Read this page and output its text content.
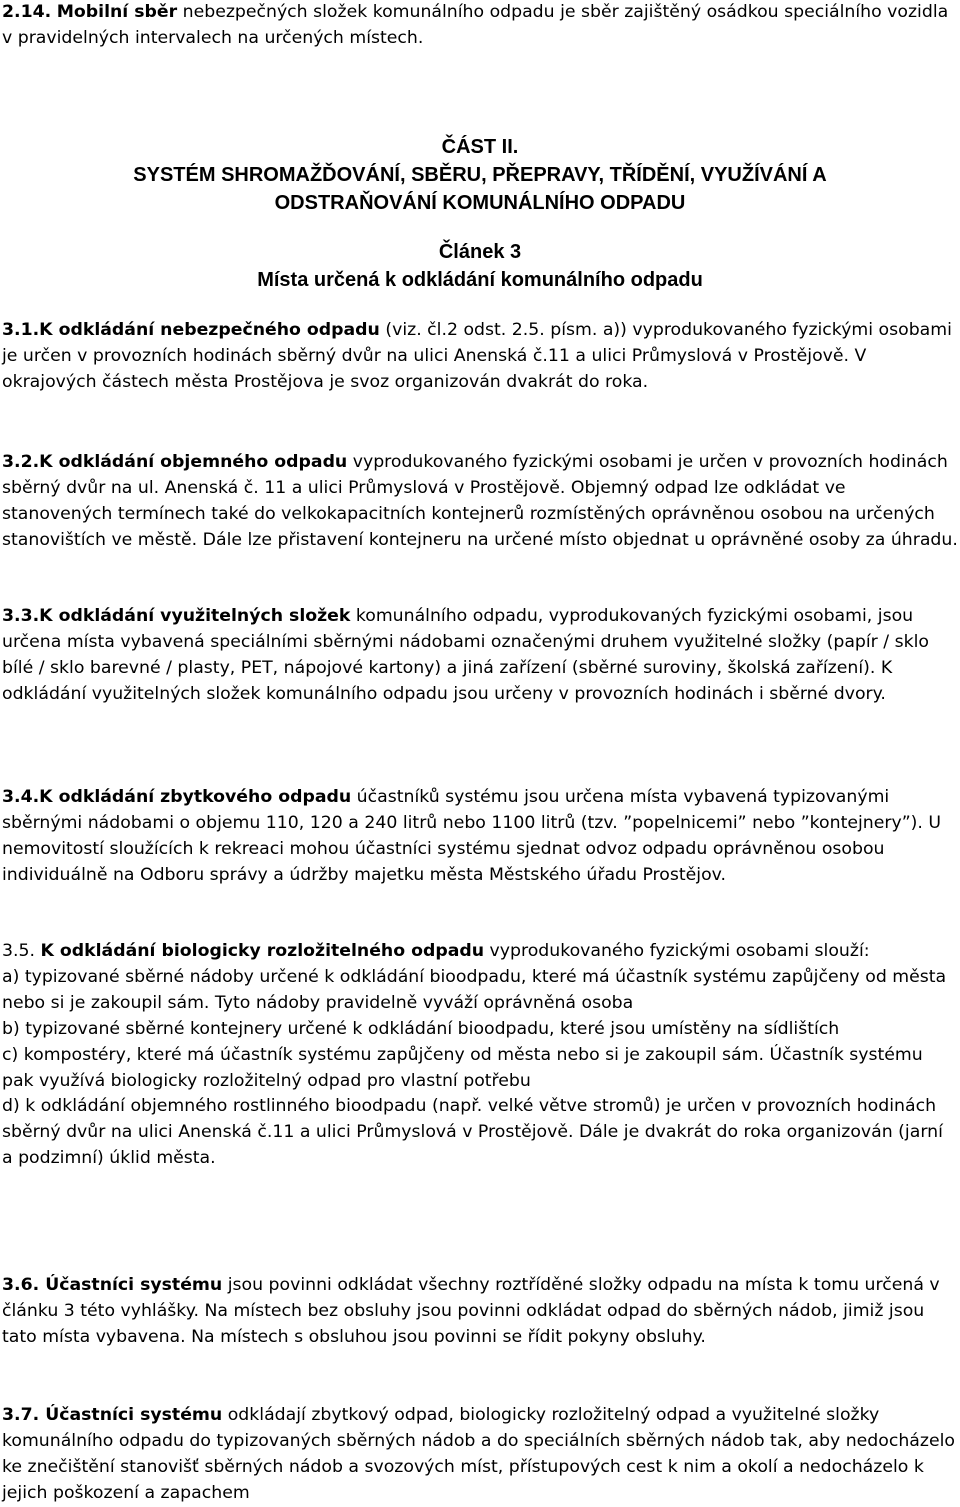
2.14. Mobilní sběr nebezpečných složek komunálního odpadu je sběr zajištěný osádkou speciálního vozidla v pravidelných intervalech na určených místech.
ČÁST II.
SYSTÉM SHROMAŽĎOVÁNÍ, SBĚRU, PŘEPRAVY, TŘÍDĚNÍ, VYUŽÍVÁNÍ A
ODSTRAŇOVÁNÍ KOMUNÁLNÍHO ODPADU
Článek 3
Místa určená k odkládání komunálního odpadu
3.1.K odkládání nebezpečného odpadu (viz. čl.2 odst. 2.5. písm. a)) vyprodukovaného fyzickými osobami je určen v provozních hodinách sběrný dvůr na ulici Anenská č.11 a ulici Průmyslová v Prostějově. V okrajových částech města Prostějova je svoz organizován dvakrát do roka.
3.2.K odkládání objemného odpadu vyprodukovaného fyzickými osobami je určen v provozních hodinách sběrný dvůr na ul. Anenská č. 11 a ulici Průmyslová v Prostějově. Objemný odpad lze odkládat ve stanovených termínech také do velkokapacitních kontejnerů rozmístěných oprávněnou osobou na určených stanovištích ve městě. Dále lze přistavení kontejneru na určené místo objednat u oprávněné osoby za úhradu.
3.3.K odkládání využitelných složek komunálního odpadu, vyprodukovaných fyzickými osobami, jsou určena místa vybavená speciálními sběrnými nádobami označenými druhem využitelné složky (papír / sklo bílé / sklo barevné / plasty, PET, nápojové kartony) a jiná zařízení (sběrné suroviny, školská zařízení). K odkládání využitelných složek komunálního odpadu jsou určeny v provozních hodinách i sběrné dvory.
3.4.K odkládání zbytkového odpadu účastníků systému jsou určena místa vybavená typizovanými sběrnými nádobami o objemu 110, 120 a 240 litrů nebo 1100 litrů (tzv. ”popelnicemi” nebo ”kontejnery”). U nemovitostí sloužících k rekreaci mohou účastníci systému sjednat odvoz odpadu oprávněnou osobou individuálně na Odboru správy a údržby majetku města Městského úřadu Prostějov.
3.5. K odkládání biologicky rozložitelného odpadu vyprodukovaného fyzickými osobami slouží:

a) typizované sběrné nádoby určené k odkládání bioodpadu, které má účastník systému zapůjčeny od města nebo si je zakoupil sám. Tyto nádoby pravidelně vyváží oprávněná osoba

b) typizované sběrné kontejnery určené k odkládání bioodpadu, které jsou umístěny na sídlištích

c) kompostéry, které má účastník systému zapůjčeny od města nebo si je zakoupil sám. Účastník systému pak využívá biologicky rozložitelný odpad pro vlastní potřebu

d) k odkládání objemného rostlinného bioodpadu (např. velké větve stromů) je určen v provozních hodinách sběrný dvůr na ulici Anenská č.11 a ulici Průmyslová v Prostějově. Dále je dvakrát do roka organizován (jarní a podzimní) úklid města.

3.6. Účastníci systému jsou povinni odkládat všechny roztříděné složky odpadu na místa k tomu určená v článku 3 této vyhlášky. Na místech bez obsluhy jsou povinni odkládat odpad do sběrných nádob, jimiž jsou tato místa vybavena. Na místech s obsluhou jsou povinni se řídit pokyny obsluhy.
3.7. Účastníci systému odkládají zbytkový odpad, biologicky rozložitelný odpad a využitelné složky komunálního odpadu do typizovaných sběrných nádob a do speciálních sběrných nádob tak, aby nedocházelo ke znečištění stanovišť sběrných nádob a svozových míst, přístupových cest k nim a okolí a nedocházelo k jejich poškození a zapachem
